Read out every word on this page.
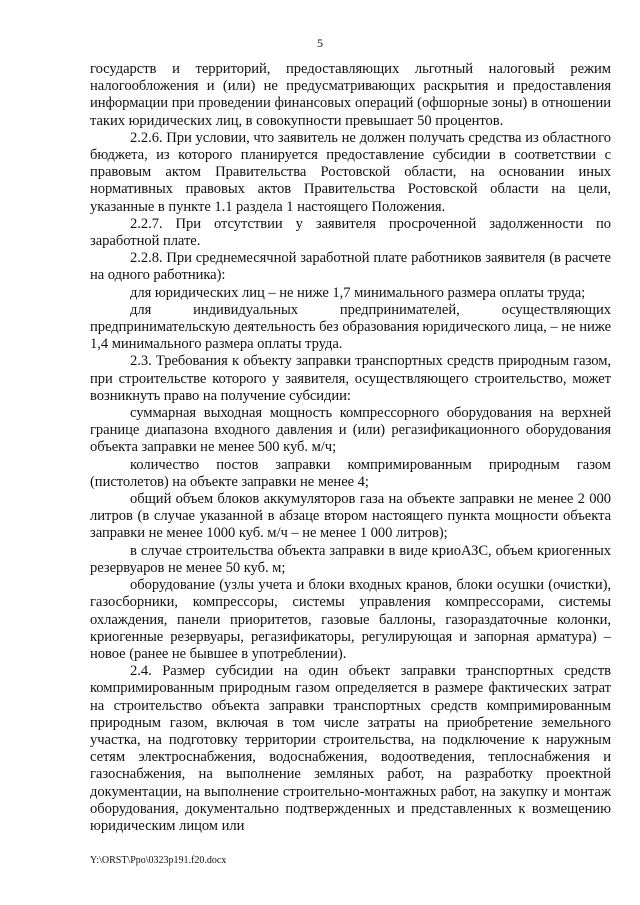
5

государств и территорий, предоставляющих льготный налоговый режим налогообложения и (или) не предусматривающих раскрытия и предоставления информации при проведении финансовых операций (офшорные зоны) в отношении таких юридических лиц, в совокупности превышает 50 процентов.

2.2.6. При условии, что заявитель не должен получать средства из областного бюджета, из которого планируется предоставление субсидии в соответствии с правовым актом Правительства Ростовской области, на основании иных нормативных правовых актов Правительства Ростовской области на цели, указанные в пункте 1.1 раздела 1 настоящего Положения.

2.2.7. При отсутствии у заявителя просроченной задолженности по заработной плате.

2.2.8. При среднемесячной заработной плате работников заявителя (в расчете на одного работника):

для юридических лиц – не ниже 1,7 минимального размера оплаты труда;

для индивидуальных предпринимателей, осуществляющих предпринимательскую деятельность без образования юридического лица, – не ниже 1,4 минимального размера оплаты труда.

2.3. Требования к объекту заправки транспортных средств природным газом, при строительстве которого у заявителя, осуществляющего строительство, может возникнуть право на получение субсидии:

суммарная выходная мощность компрессорного оборудования на верхней границе диапазона входного давления и (или) регазификационного оборудования объекта заправки не менее 500 куб. м/ч;

количество постов заправки компримированным природным газом (пистолетов) на объекте заправки не менее 4;

общий объем блоков аккумуляторов газа на объекте заправки не менее 2 000 литров (в случае указанной в абзаце втором настоящего пункта мощности объекта заправки не менее 1000 куб. м/ч – не менее 1 000 литров);

в случае строительства объекта заправки в виде криоАЗС, объем криогенных резервуаров не менее 50 куб. м;

оборудование (узлы учета и блоки входных кранов, блоки осушки (очистки), газосборники, компрессоры, системы управления компрессорами, системы охлаждения, панели приоритетов, газовые баллоны, газораздаточные колонки, криогенные резервуары, регазификаторы, регулирующая и запорная арматура) – новое (ранее не бывшее в употреблении).

2.4. Размер субсидии на один объект заправки транспортных средств компримированным природным газом определяется в размере фактических затрат на строительство объекта заправки транспортных средств компримированным природным газом, включая в том числе затраты на приобретение земельного участка, на подготовку территории строительства, на подключение к наружным сетям электроснабжения, водоснабжения, водоотведения, теплоснабжения и газоснабжения, на выполнение земляных работ, на разработку проектной документации, на выполнение строительно-монтажных работ, на закупку и монтаж оборудования, документально подтвержденных и представленных к возмещению юридическим лицом или

Y:\ORST\Ppo\0323p191.f20.docx
